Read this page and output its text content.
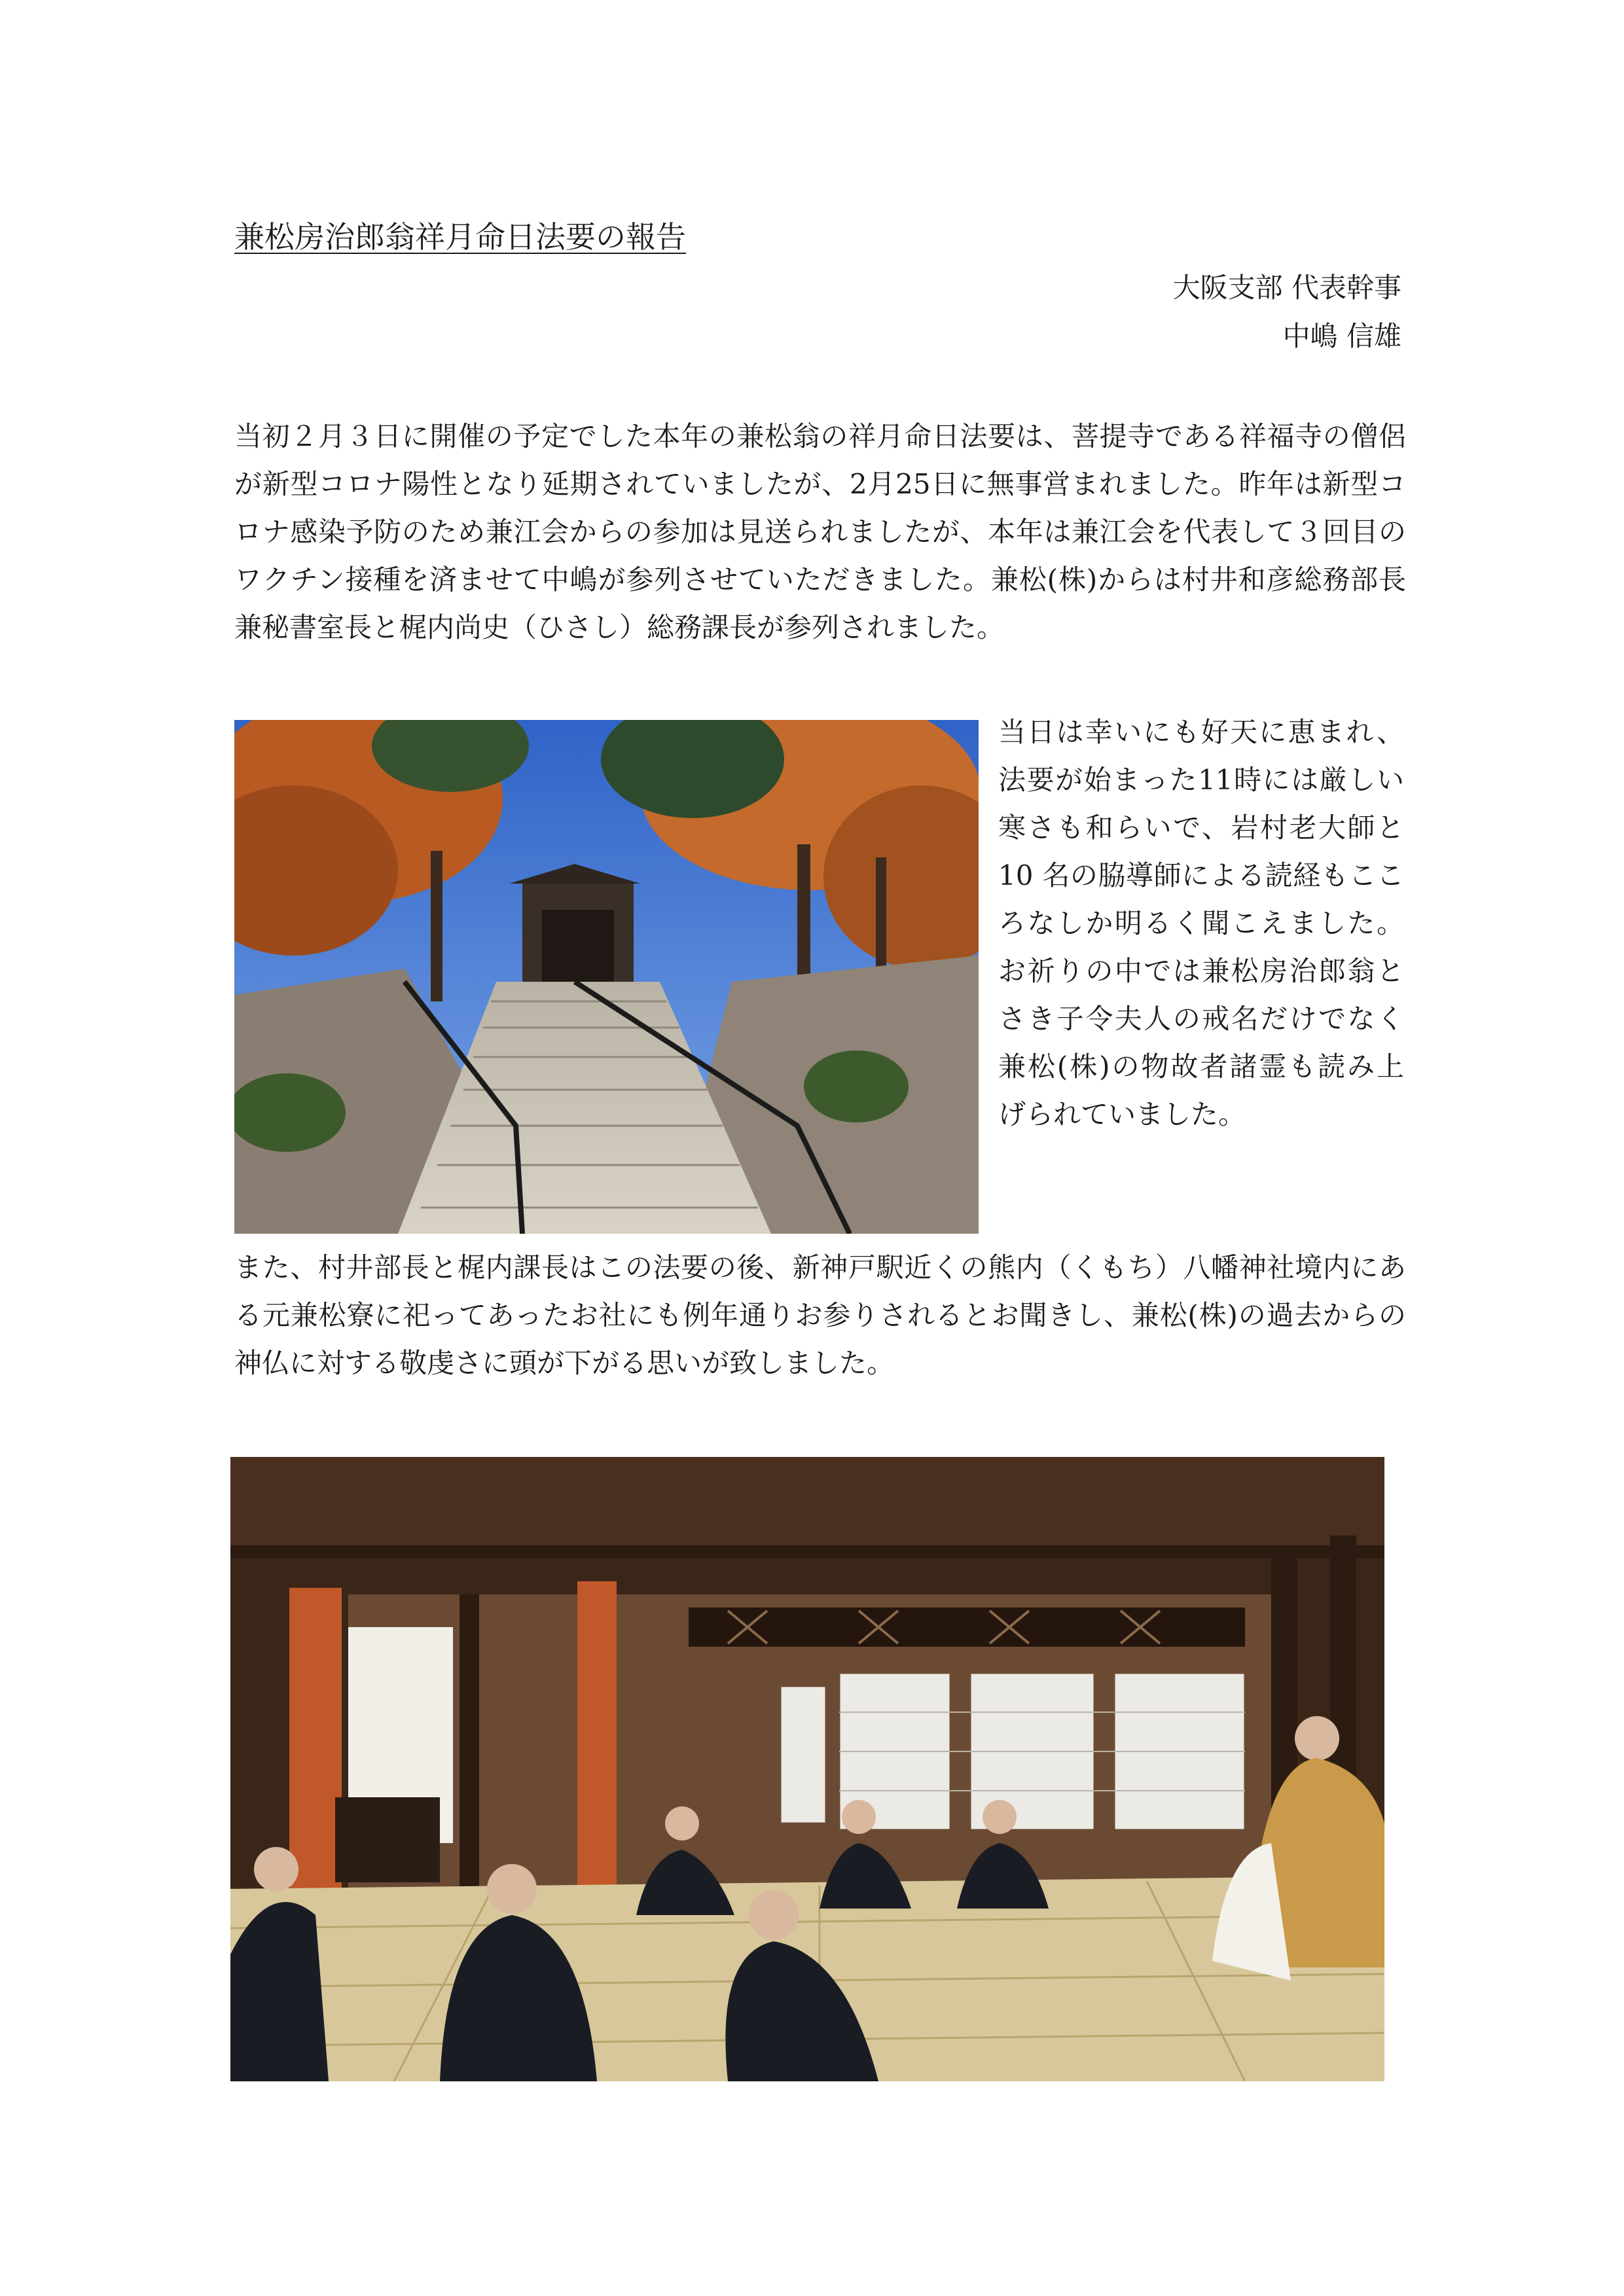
兼松房治郎翁祥月命日法要の報告
大阪支部 代表幹事
中嶋 信雄
当初２月３日に開催の予定でした本年の兼松翁の祥月命日法要は、菩提寺である祥福寺の僧侶が新型コロナ陽性となり延期されていましたが、2月25日に無事営まれました。昨年は新型コロナ感染予防のため兼江会からの参加は見送られましたが、本年は兼江会を代表して３回目のワクチン接種を済ませて中嶋が参列させていただきました。兼松(株)からは村井和彦総務部長兼秘書室長と梶内尚史（ひさし）総務課長が参列されました。
当日は幸いにも好天に恵まれ、法要が始まった11時には厳しい寒さも和らいで、岩村老大師と 10 名の脇導師による読経もこころなしか明るく聞こえました。お祈りの中では兼松房治郎翁とさき子令夫人の戒名だけでなく兼松(株)の物故者諸霊も読み上げられていました。
また、村井部長と梶内課長はこの法要の後、新神戸駅近くの熊内（くもち）八幡神社境内にある元兼松寮に祀ってあったお社にも例年通りお参りされるとお聞きし、兼松(株)の過去からの神仏に対する敬虔さに頭が下がる思いが致しました。
